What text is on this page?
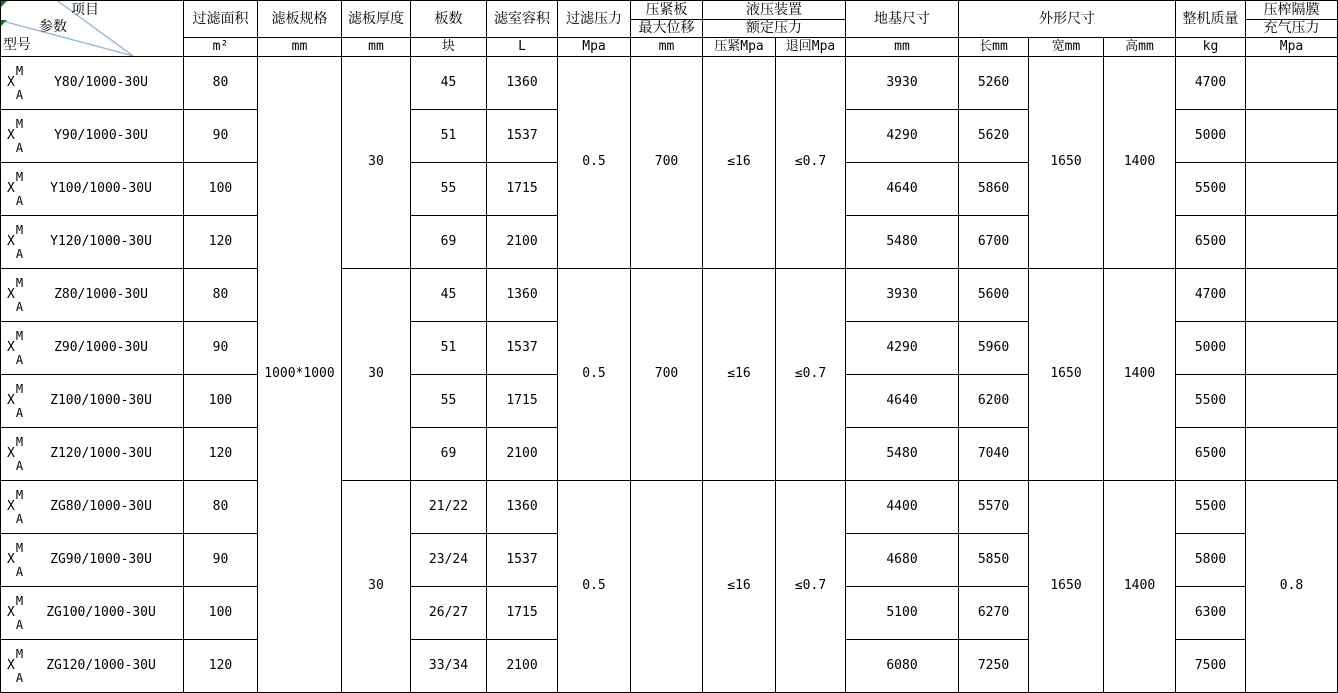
项目
参数
型号	过滤面积	滤板规格	滤板厚度	板数	滤室容积	过滤压力	压紧板	液压装置		地基尺寸	外形尺寸			整机质量	压榨隔膜
							最大位移	额定压力							充气压力
	m²	mm	mm	块	L	Mpa	mm	压紧Mpa	退回Mpa	mm	长mm	宽mm	高mm	kg	Mpa

X
M
A
Y80/1000-30U	80	1000*1000	30	45	1360	0.5	700	≤16	≤0.7	3930	5260	1650	1400	4700	

X
M
A
Y90/1000-30U	90			51	1537					4290	5620			5000	

X
M
A
Y100/1000-30U	100			55	1715					4640	5860			5500	

X
M
A
Y120/1000-30U	120			69	2100					5480	6700			6500	

X
M
A
Z80/1000-30U	80		30	45	1360	0.5	700	≤16	≤0.7	3930	5600	1650	1400	4700	

X
M
A
Z90/1000-30U	90			51	1537					4290	5960			5000	

X
M
A
Z100/1000-30U	100			55	1715					4640	6200			5500	

X
M
A
Z120/1000-30U	120			69	2100					5480	7040			6500	

X
M
A
ZG80/1000-30U	80		30	21/22	1360	0.5		≤16	≤0.7	4400	5570	1650	1400	5500	0.8

X
M
A
ZG90/1000-30U	90			23/24	1537					4680	5850			5800	

X
M
A
ZG100/1000-30U	100			26/27	1715					5100	6270			6300	

X
M
A
ZG120/1000-30U	120			33/34	2100					6080	7250			7500	
